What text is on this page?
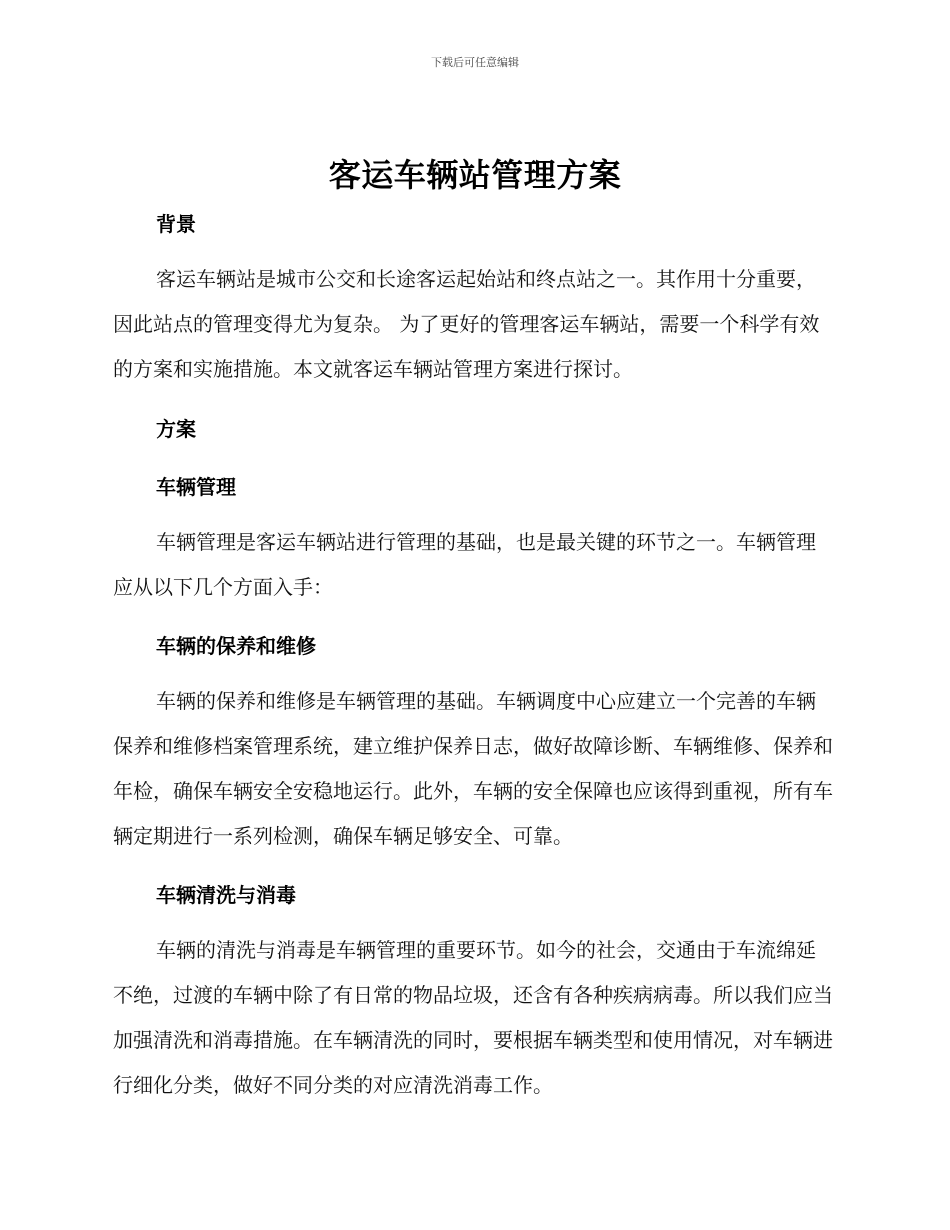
下载后可任意编辑
客运车辆站管理方案
背景

客运车辆站是城市公交和长途客运起始站和终点站之一。其作用十分重要，因此站点的管理变得尤为复杂。 为了更好的管理客运车辆站，需要一个科学有效的方案和实施措施。本文就客运车辆站管理方案进行探讨。

方案
车辆管理

车辆管理是客运车辆站进行管理的基础，也是最关键的环节之一。车辆管理应从以下几个方面入手：

车辆的保养和维修

车辆的保养和维修是车辆管理的基础。车辆调度中心应建立一个完善的车辆保养和维修档案管理系统，建立维护保养日志，做好故障诊断、车辆维修、保养和年检，确保车辆安全安稳地运行。此外，车辆的安全保障也应该得到重视，所有车辆定期进行一系列检测，确保车辆足够安全、可靠。

车辆清洗与消毒

车辆的清洗与消毒是车辆管理的重要环节。如今的社会，交通由于车流绵延不绝，过渡的车辆中除了有日常的物品垃圾，还含有各种疾病病毒。所以我们应当加强清洗和消毒措施。在车辆清洗的同时，要根据车辆类型和使用情况，对车辆进行细化分类，做好不同分类的对应清洗消毒工作。
